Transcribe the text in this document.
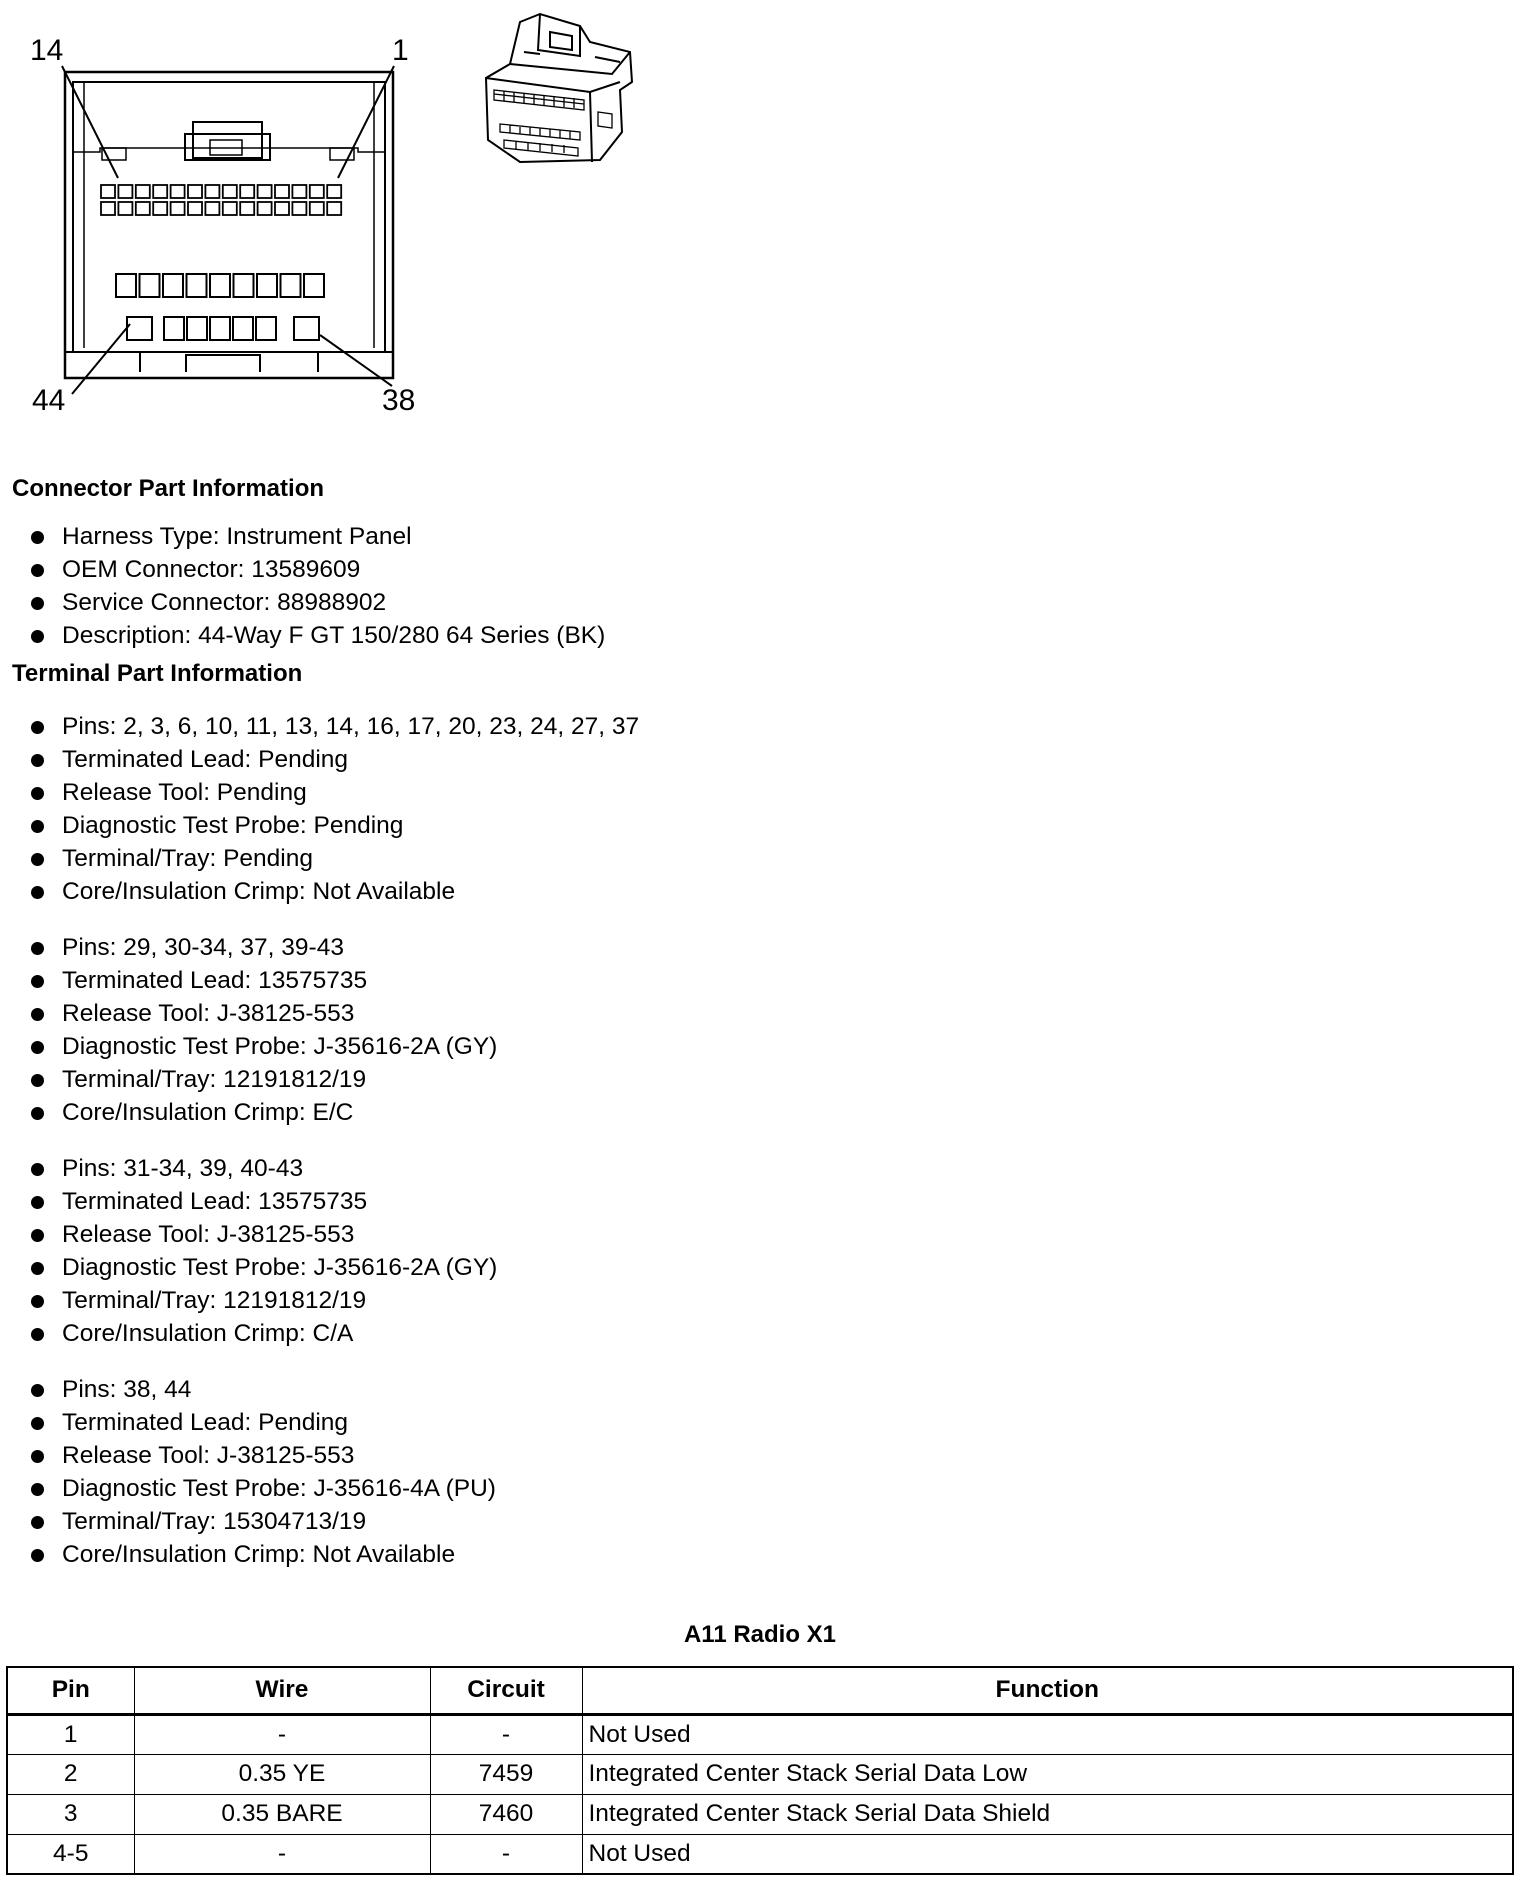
14	1
44	38
Connector Part Information
Harness Type: Instrument Panel
OEM Connector: 13589609
Service Connector: 88988902
Description: 44-Way F GT 150/280 64 Series (BK)
Terminal Part Information
Pins: 2, 3, 6, 10, 11, 13, 14, 16, 17, 20, 23, 24, 27, 37
Terminated Lead: Pending
Release Tool: Pending
Diagnostic Test Probe: Pending
Terminal/Tray: Pending
Core/Insulation Crimp: Not Available
Pins: 29, 30-34, 37, 39-43
Terminated Lead: 13575735
Release Tool: J-38125-553
Diagnostic Test Probe: J-35616-2A (GY)
Terminal/Tray: 12191812/19
Core/Insulation Crimp: E/C
Pins: 31-34, 39, 40-43
Terminated Lead: 13575735
Release Tool: J-38125-553
Diagnostic Test Probe: J-35616-2A (GY)
Terminal/Tray: 12191812/19
Core/Insulation Crimp: C/A
Pins: 38, 44
Terminated Lead: Pending
Release Tool: J-38125-553
Diagnostic Test Probe: J-35616-4A (PU)
Terminal/Tray: 15304713/19
Core/Insulation Crimp: Not Available
A11 Radio X1
Pin	Wire	Circuit	Function
1	-	-	Not Used
2	0.35 YE	7459	Integrated Center Stack Serial Data Low
3	0.35 BARE	7460	Integrated Center Stack Serial Data Shield
4-5	-	-	Not Used
